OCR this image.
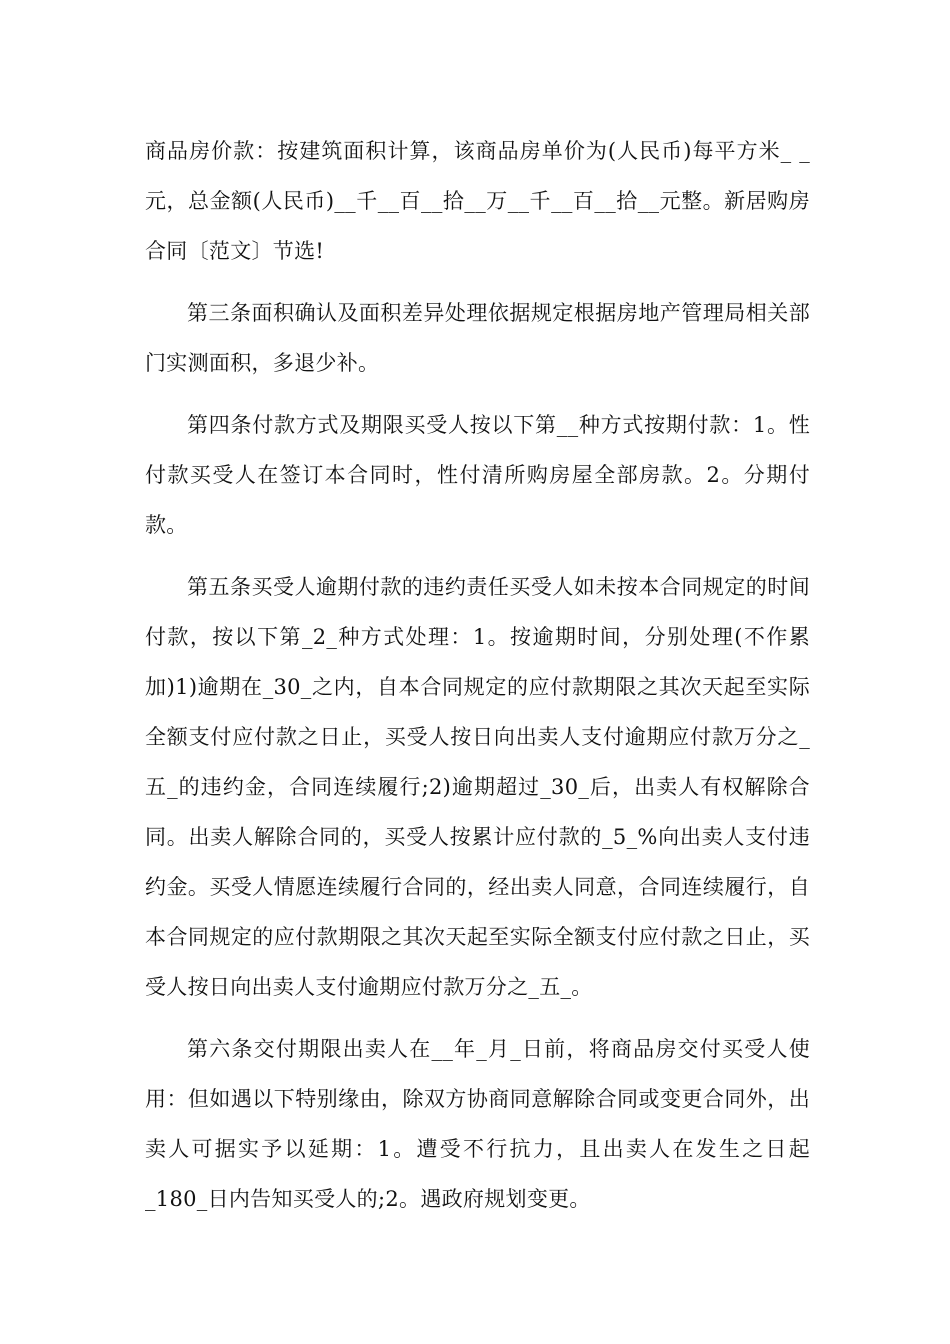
商品房价款：按建筑面积计算，该商品房单价为(人民币)每平方米_ _元，总金额(人民币)__千__百__拾__万__千__百__拾__元整。新居购房合同〔范文〕节选!

第三条面积确认及面积差异处理依据规定根据房地产管理局相关部门实测面积，多退少补。

第四条付款方式及期限买受人按以下第__种方式按期付款：1。性付款买受人在签订本合同时，性付清所购房屋全部房款。2。分期付款。

第五条买受人逾期付款的违约责任买受人如未按本合同规定的时间付款，按以下第_2_种方式处理：1。按逾期时间，分别处理(不作累加)1)逾期在_30_之内，自本合同规定的应付款期限之其次天起至实际全额支付应付款之日止，买受人按日向出卖人支付逾期应付款万分之_五_的违约金，合同连续履行;2)逾期超过_30_后，出卖人有权解除合同。出卖人解除合同的，买受人按累计应付款的_5_%向出卖人支付违约金。买受人情愿连续履行合同的，经出卖人同意，合同连续履行，自本合同规定的应付款期限之其次天起至实际全额支付应付款之日止，买受人按日向出卖人支付逾期应付款万分之_五_。

第六条交付期限出卖人在__年_月_日前，将商品房交付买受人使用：但如遇以下特别缘由，除双方协商同意解除合同或变更合同外，出卖人可据实予以延期：1。遭受不行抗力，且出卖人在发生之日起_180_日内告知买受人的;2。遇政府规划变更。
